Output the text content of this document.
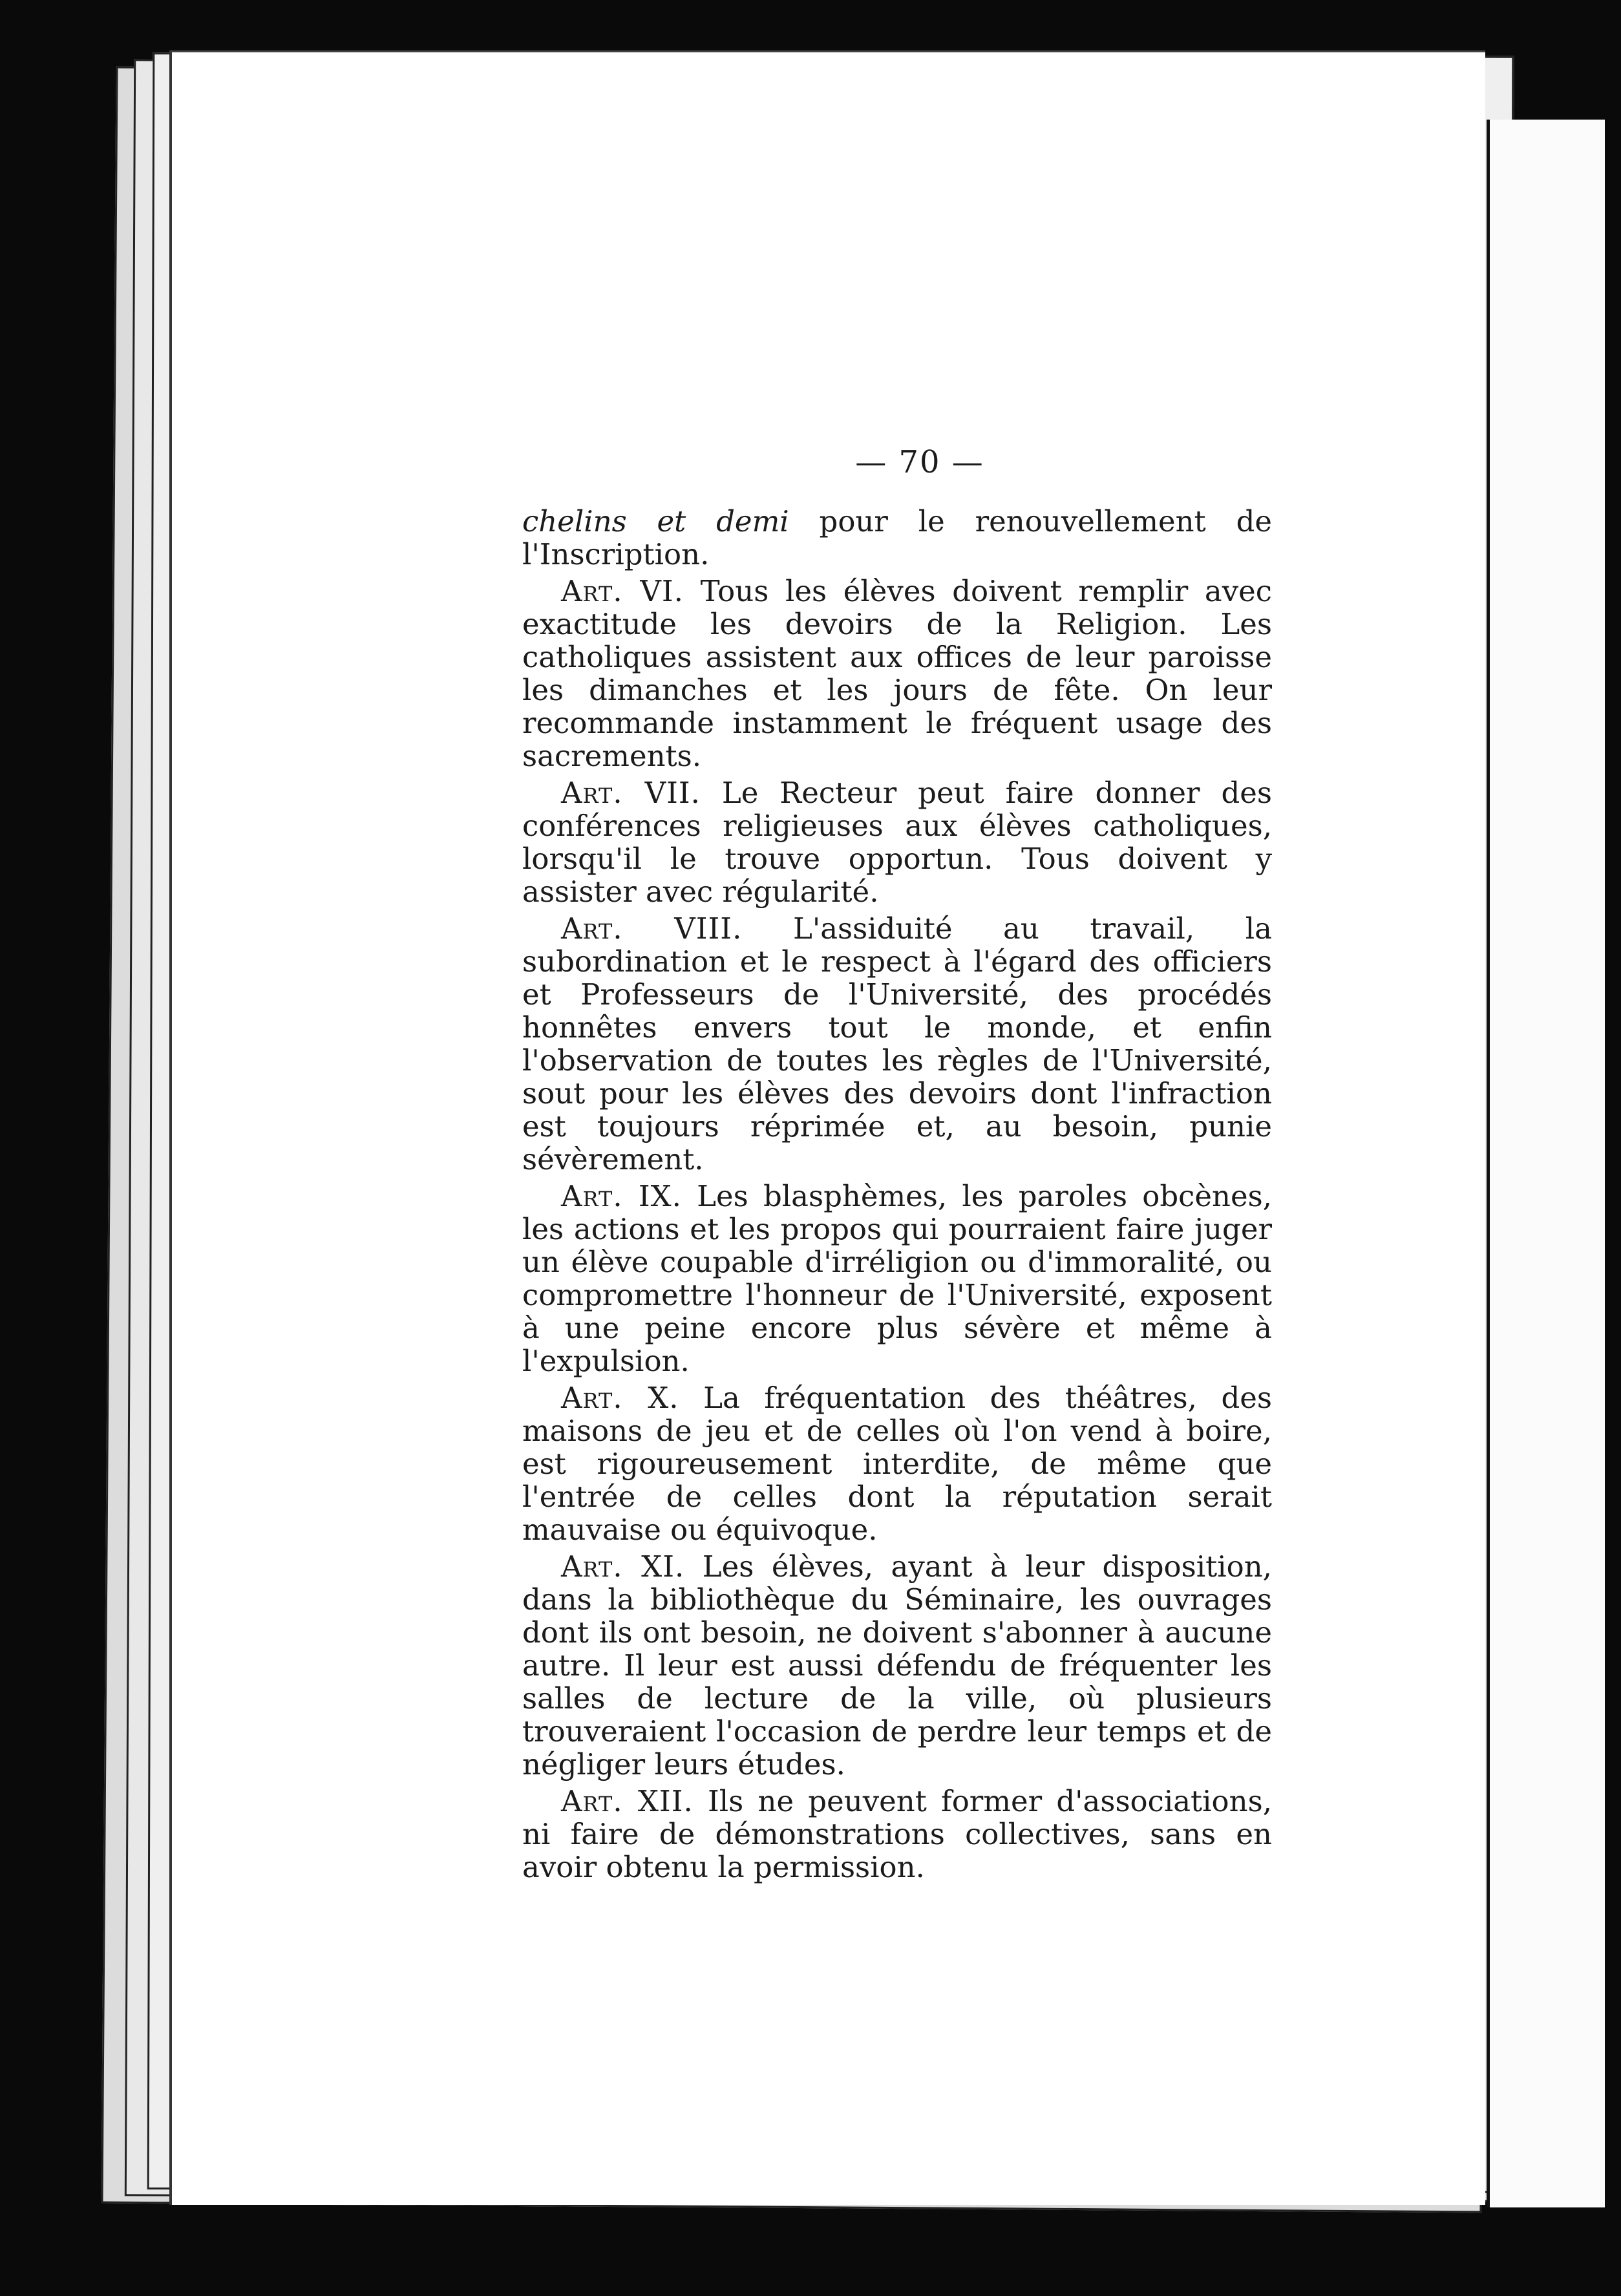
— 70 —

chelins et demi pour le renouvellement de l'Inscription.

Art. VI. Tous les élèves doivent remplir avec exactitude les devoirs de la Religion. Les catholiques assistent aux offices de leur paroisse les dimanches et les jours de fête. On leur recommande instamment le fréquent usage des sacrements.

Art. VII. Le Recteur peut faire donner des conférences religieuses aux élèves catholiques, lorsqu'il le trouve opportun. Tous doivent y assister avec régularité.

Art. VIII. L'assiduité au travail, la subordination et le respect à l'égard des officiers et Professeurs de l'Université, des procédés honnêtes envers tout le monde, et enfin l'observation de toutes les règles de l'Université, sout pour les élèves des devoirs dont l'infraction est toujours réprimée et, au besoin, punie sévèrement.

Art. IX. Les blasphèmes, les paroles obcènes, les actions et les propos qui pourraient faire juger un élève coupable d'irréligion ou d'immoralité, ou compromettre l'honneur de l'Université, exposent à une peine encore plus sévère et même à l'expulsion.

Art. X. La fréquentation des théâtres, des maisons de jeu et de celles où l'on vend à boire, est rigoureusement interdite, de même que l'entrée de celles dont la réputation serait mauvaise ou équivoque.

Art. XI. Les élèves, ayant à leur disposition, dans la bibliothèque du Séminaire, les ouvrages dont ils ont besoin, ne doivent s'abonner à aucune autre. Il leur est aussi défendu de fréquenter les salles de lecture de la ville, où plusieurs trouveraient l'occasion de perdre leur temps et de négliger leurs études.

Art. XII. Ils ne peuvent former d'associations, ni faire de démonstrations collectives, sans en avoir obtenu la permission.
